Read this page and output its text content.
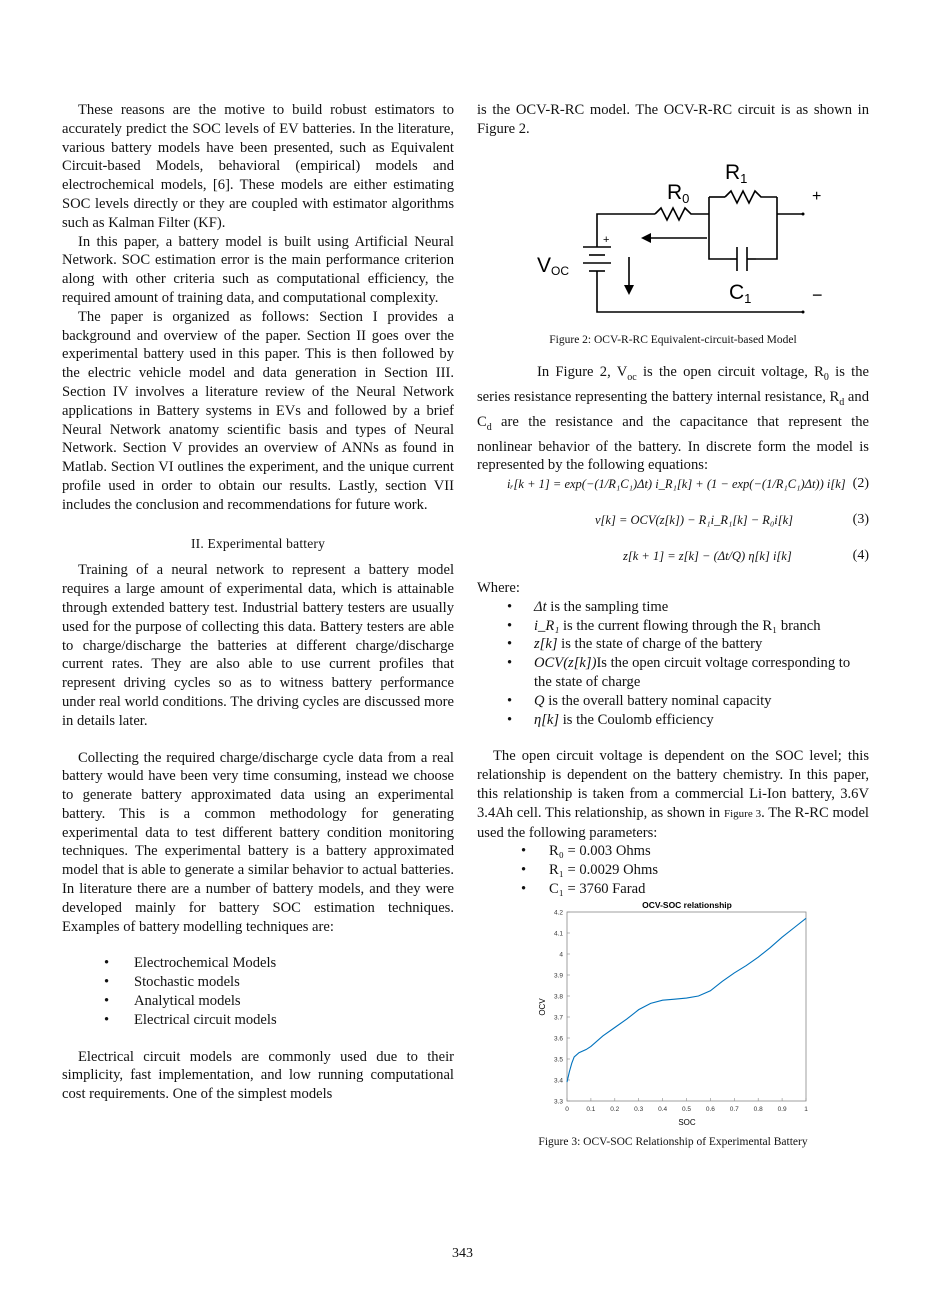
These reasons are the motive to build robust estimators to accurately predict the SOC levels of EV batteries. In the literature, various battery models have been presented, such as Equivalent Circuit-based Models, behavioral (empirical) models and electrochemical models, [6]. These models are either estimating SOC levels directly or they are coupled with estimator algorithms such as Kalman Filter (KF).

In this paper, a battery model is built using Artificial Neural Network. SOC estimation error is the main performance criterion along with other criteria such as computational efficiency, the required amount of training data, and computational complexity.

The paper is organized as follows: Section I provides a background and overview of the paper. Section II goes over the experimental battery used in this paper. This is then followed by the electric vehicle model and data generation in Section III. Section IV involves a literature review of the Neural Network applications in Battery systems in EVs and followed by a brief Neural Network anatomy scientific basis and types of Neural Network. Section V provides an overview of ANNs as found in Matlab. Section VI outlines the experiment, and the unique current profile used in order to obtain our results. Lastly, section VII includes the conclusion and recommendations for future work.

II. Experimental battery

Training of a neural network to represent a battery model requires a large amount of experimental data, which is attainable through extended battery test. Industrial battery testers are usually used for the purpose of collecting this data. Battery testers are able to charge/discharge the batteries at different charge/discharge current rates. They are also able to use current profiles that represent driving cycles so as to witness battery performance under real world conditions. The driving cycles are discussed more in details later.

Collecting the required charge/discharge cycle data from a real battery would have been very time consuming, instead we choose to generate battery approximated data using an experimental battery. This is a common methodology for generating experimental data to test different battery condition monitoring techniques. The experimental battery is a battery approximated model that is able to generate a similar behavior to actual batteries. In literature there are a number of battery models, and they were developed mainly for battery SOC estimation techniques. Examples of battery modelling techniques are:

• Electrochemical Models
• Stochastic models
• Analytical models
• Electrical circuit models

Electrical circuit models are commonly used due to their simplicity, fast implementation, and low running computational cost requirements. One of the simplest models

is the OCV-R-RC model. The OCV-R-RC circuit is as shown in Figure 2.

+
−
+
VOC
R0
R1
C1
Figure 2: OCV-R-RC Equivalent-circuit-based Model

In Figure 2, $V_{oc}$ is the open circuit voltage, $R_0$ is the series resistance representing the battery internal resistance, $R_d$ and $C_d$ are the resistance and the capacitance that represent the nonlinear behavior of the battery. In discrete form the model is represented by the following equations:

iᵣ[k + 1] = exp(−(1/R₁C₁)Δt) i_R₁[k] + (1 − exp(−(1/R₁C₁)Δt)) i[k] (2)
v[k] = OCV(z[k]) − R₁i_R₁[k] − R₀i[k]	(3)
z[k + 1] = z[k] − (Δt/Q) η[k] i[k]	(4)

Where:

• Δt is the sampling time
• i_R₁ is the current flowing through the R₁ branch
• z[k] is the state of charge of the battery
• OCV(z[k])Is the open circuit voltage corresponding to the state of charge
• Q is the overall battery nominal capacity
• η[k] is the Coulomb efficiency

The open circuit voltage is dependent on the SOC level; this relationship is dependent on the battery chemistry. In this paper, this relationship is taken from a commercial Li-Ion battery, 3.6V 3.4Ah cell. This relationship, as shown in Figure 3. The R-RC model used the following parameters:

• R₀ = 0.003 Ohms
• R₁ = 0.0029 Ohms
• C₁ = 3760 Farad
OCV-SOC relationship
3.3
3.4
3.5
3.6
3.7
3.8
3.9
4
4.1
4.2
0	0.1 0.2 0.3 0.4 0.5 0.6 0.7 0.8 0.9	1
SOC
OCV
Figure 3: OCV-SOC Relationship of Experimental Battery
343
